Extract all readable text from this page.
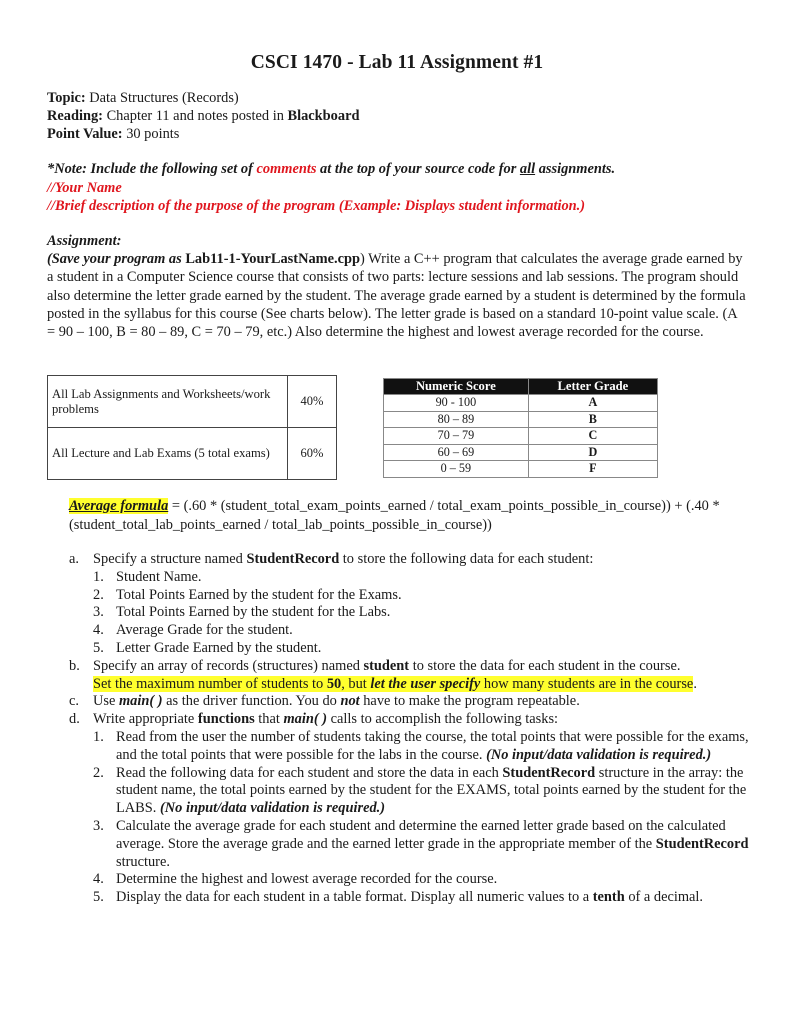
CSCI 1470 - Lab 11 Assignment #1
Topic: Data Structures (Records)
Reading: Chapter 11 and notes posted in Blackboard
Point Value: 30 points
*Note: Include the following set of comments at the top of your source code for all assignments.
//Your Name
//Brief description of the purpose of the program (Example: Displays student information.)
Assignment:
(Save your program as Lab11-1-YourLastName.cpp) Write a C++ program that calculates the average grade earned by a student in a Computer Science course that consists of two parts: lecture sessions and lab sessions. The program should also determine the letter grade earned by the student. The average grade earned by a student is determined by the formula posted in the syllabus for this course (See charts below). The letter grade is based on a standard 10-point value scale. (A = 90 – 100, B = 80 – 89, C = 70 – 79, etc.) Also determine the highest and lowest average recorded for the course.
All Lab Assignments and Worksheets/work problems	40%
All Lecture and Lab Exams (5 total exams)	60%
Numeric Score	Letter Grade
90 - 100	A
80 – 89	B
70 – 79	C
60 – 69	D
0 – 59	F
Average formula = (.60 * (student_total_exam_points_earned / total_exam_points_possible_in_course)) + (.40 * (student_total_lab_points_earned / total_lab_points_possible_in_course))
a. Specify a structure named StudentRecord to store the following data for each student:
1. Student Name.
2. Total Points Earned by the student for the Exams.
3. Total Points Earned by the student for the Labs.
4. Average Grade for the student.
5. Letter Grade Earned by the student.
b. Specify an array of records (structures) named student to store the data for each student in the course.
Set the maximum number of students to 50, but let the user specify how many students are in the course.
c. Use main( ) as the driver function. You do not have to make the program repeatable.
d. Write appropriate functions that main( ) calls to accomplish the following tasks:
1. Read from the user the number of students taking the course, the total points that were possible for the exams, and the total points that were possible for the labs in the course. (No input/data validation is required.)
2. Read the following data for each student and store the data in each StudentRecord structure in the array: the student name, the total points earned by the student for the EXAMS, total points earned by the student for the LABS. (No input/data validation is required.)
3. Calculate the average grade for each student and determine the earned letter grade based on the calculated average. Store the average grade and the earned letter grade in the appropriate member of the StudentRecord structure.
4. Determine the highest and lowest average recorded for the course.
5. Display the data for each student in a table format. Display all numeric values to a tenth of a decimal.
